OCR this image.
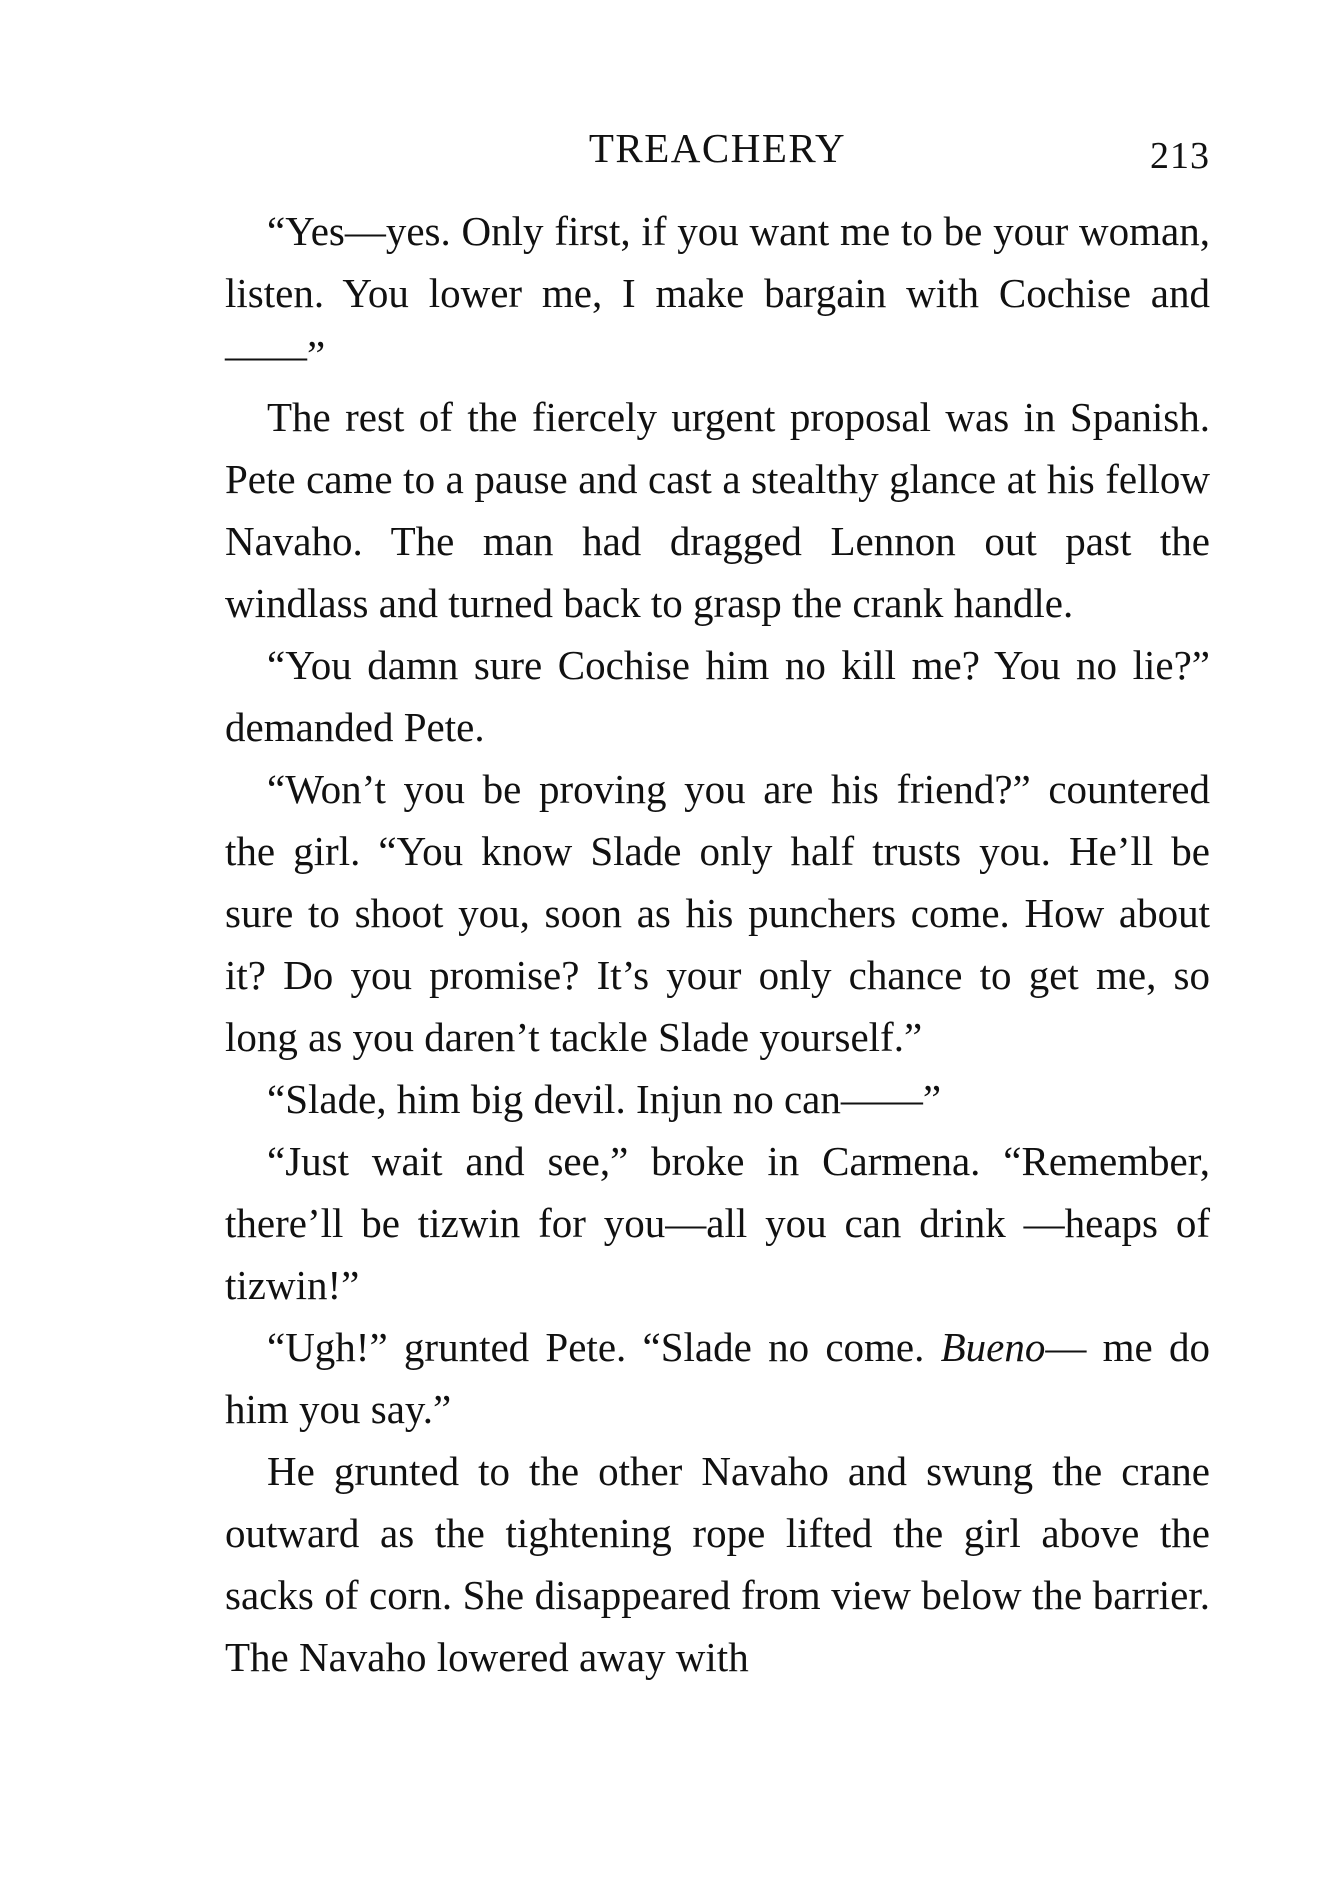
TREACHERY	213

“Yes—yes. Only first, if you want me to be your woman, listen. You lower me, I make bargain with Cochise and——”

The rest of the fiercely urgent proposal was in Spanish. Pete came to a pause and cast a stealthy glance at his fellow Navaho. The man had dragged Lennon out past the windlass and turned back to grasp the crank handle.

“You damn sure Cochise him no kill me? You no lie?” demanded Pete.

“Won’t you be proving you are his friend?” countered the girl. “You know Slade only half trusts you. He’ll be sure to shoot you, soon as his punchers come. How about it? Do you promise? It’s your only chance to get me, so long as you daren’t tackle Slade yourself.”

“Slade, him big devil. Injun no can——”

“Just wait and see,” broke in Carmena. “Remember, there’ll be tizwin for you—all you can drink —heaps of tizwin!”

“Ugh!” grunted Pete. “Slade no come. Bueno— me do him you say.”

He grunted to the other Navaho and swung the crane outward as the tightening rope lifted the girl above the sacks of corn. She disappeared from view below the barrier. The Navaho lowered away with
